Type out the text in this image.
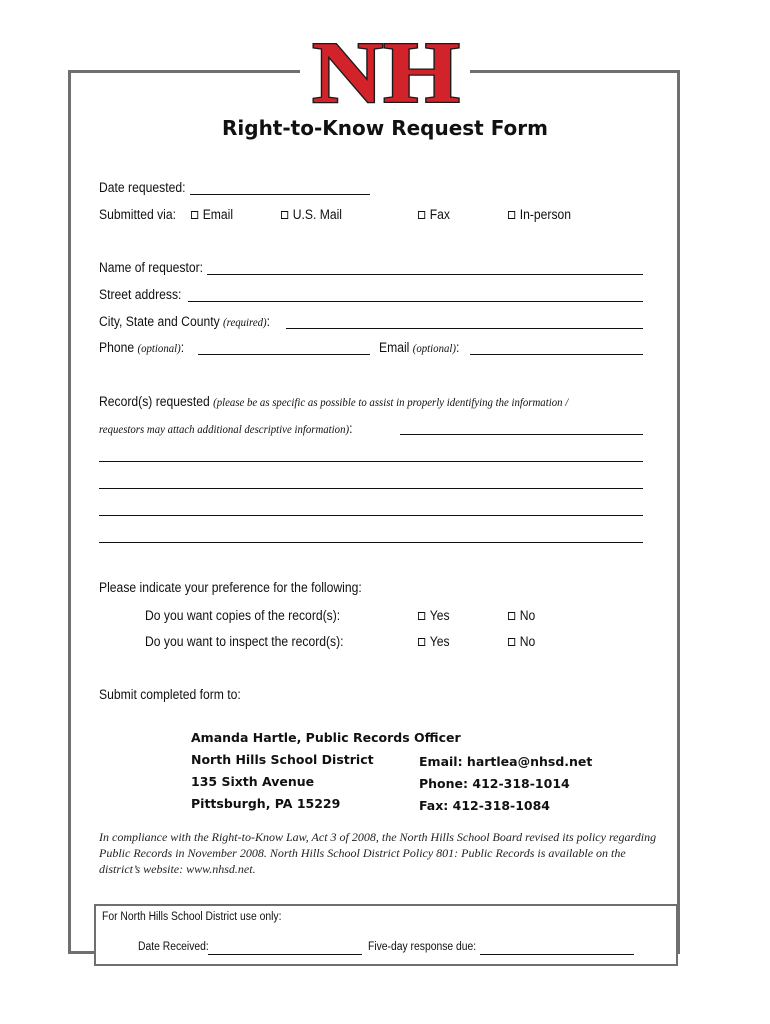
NH
Right-to-Know Request Form
Date requested:
Submitted via: Email	U.S. Mail	Fax	In-person
Name of requestor:
Street address:
City, State and County (required):
Phone (optional):	Email (optional):
Record(s) requested (please be as specific as possible to assist in properly identifying the information /
requestors may attach additional descriptive information):
Please indicate your preference for the following:
Do you want copies of the record(s):	Yes	No
Do you want to inspect the record(s):	Yes	No
Submit completed form to:
Amanda Hartle, Public Records Officer
North Hills School District
135 Sixth Avenue
Pittsburgh, PA 15229
Email: hartlea@nhsd.net
Phone: 412-318-1014
Fax: 412-318-1084
In compliance with the Right-to-Know Law, Act 3 of 2008, the North Hills School Board revised its policy regarding Public Records in November 2008. North Hills School District Policy 801: Public Records is available on the district’s website: www.nhsd.net.
For North Hills School District use only:
Date Received:	Five-day response due:
